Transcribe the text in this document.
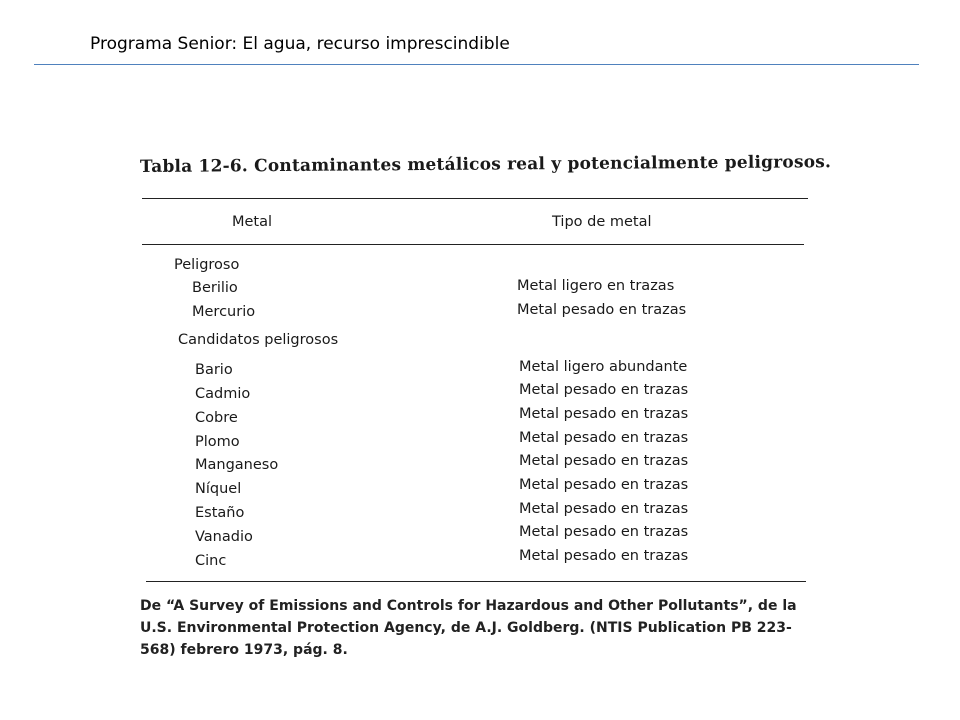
Programa Senior: El agua, recurso imprescindible
Tabla 12-6. Contaminantes metálicos real y potencialmente peligrosos.
Metal	Tipo de metal
Peligroso
Berilio
Mercurio
Candidatos peligrosos
Bario
Cadmio
Cobre
Plomo
Manganeso
Níquel
Estaño
Vanadio
Cinc
Metal ligero en trazas
Metal pesado en trazas
Metal ligero abundante
Metal pesado en trazas
Metal pesado en trazas
Metal pesado en trazas
Metal pesado en trazas
Metal pesado en trazas
Metal pesado en trazas
Metal pesado en trazas
Metal pesado en trazas
De “A Survey of Emissions and Controls for Hazardous and Other Pollutants”, de la U.S. Environmental Protection Agency, de A.J. Goldberg. (NTIS Publication PB 223-568) febrero 1973, pág. 8.
